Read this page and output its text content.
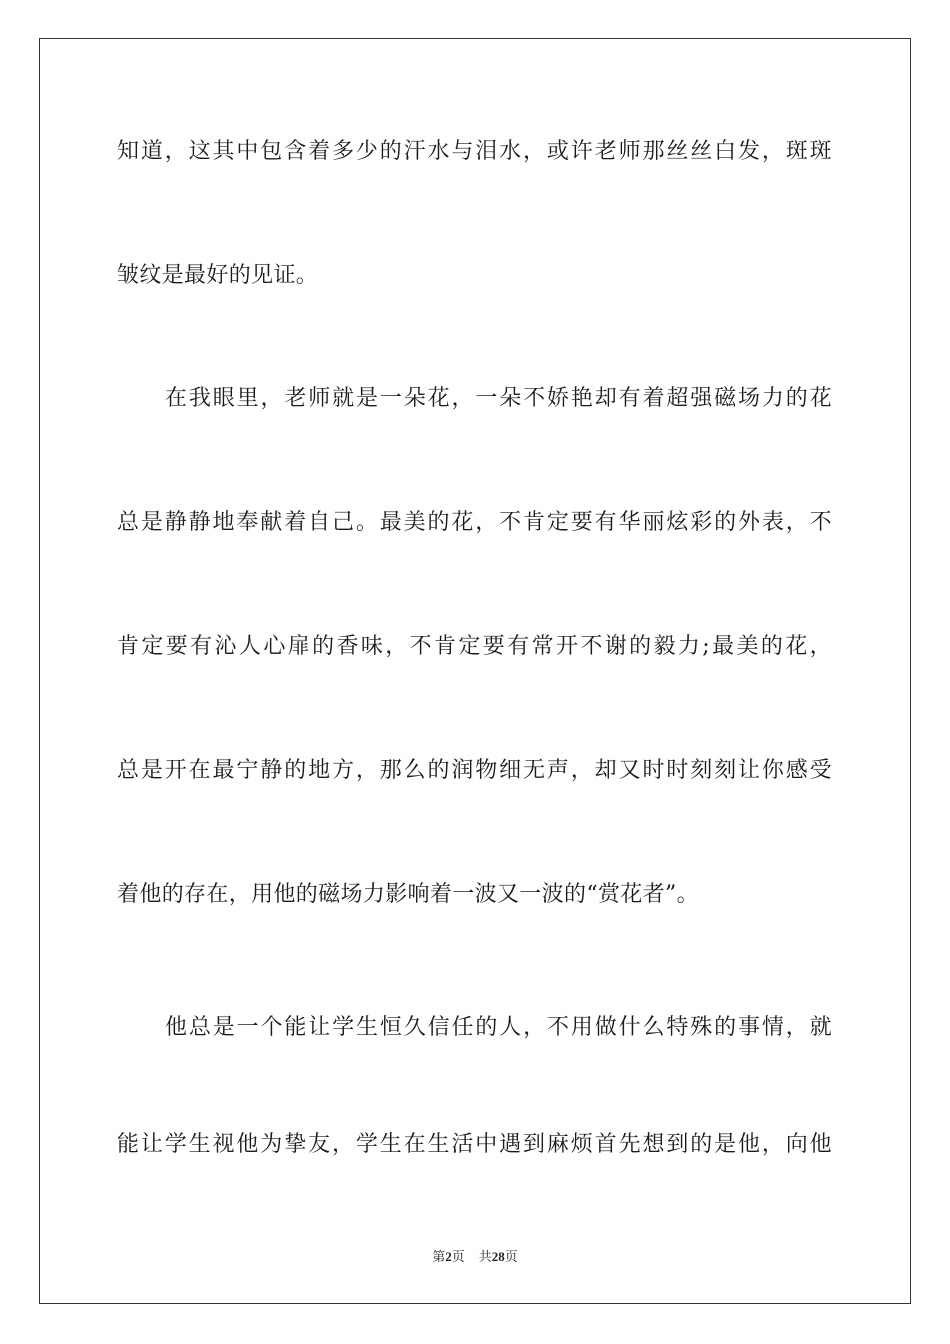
知道，这其中包含着多少的汗水与泪水，或许老师那丝丝白发，斑斑
皱纹是最好的见证。
在我眼里，老师就是一朵花，一朵不娇艳却有着超强磁场力的花
总是静静地奉献着自己。最美的花，不肯定要有华丽炫彩的外表，不
肯定要有沁人心扉的香味，不肯定要有常开不谢的毅力;最美的花，
总是开在最宁静的地方，那么的润物细无声，却又时时刻刻让你感受
着他的存在，用他的磁场力影响着一波又一波的“赏花者”。
他总是一个能让学生恒久信任的人，不用做什么特殊的事情，就
能让学生视他为挚友，学生在生活中遇到麻烦首先想到的是他，向他
第2页 共28页
